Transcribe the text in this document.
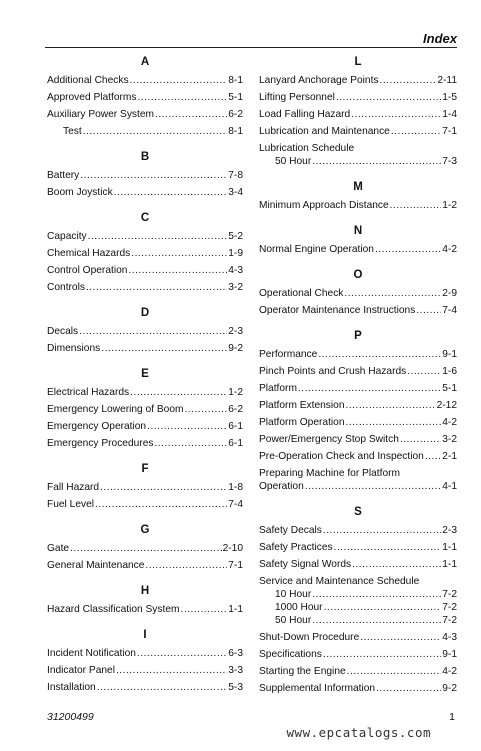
Index
A
Additional Checks .....	8-1
Approved Platforms .....	5-1
Auxiliary Power System .....	6-2
Test .....	8-1
B
Battery .....	7-8
Boom Joystick .....	3-4
C
Capacity .....	5-2
Chemical Hazards .....	1-9
Control Operation .....	4-3
Controls .....	3-2
D
Decals .....	2-3
Dimensions .....	9-2
E
Electrical Hazards .....	1-2
Emergency Lowering of Boom .....	6-2
Emergency Operation .....	6-1
Emergency Procedures .....	6-1
F
Fall Hazard .....	1-8
Fuel Level .....	7-4
G
Gate .....	2-10
General Maintenance .....	7-1
H
Hazard Classification System .....	1-1
I
Incident Notification .....	6-3
Indicator Panel .....	3-3
Installation .....	5-3
L
Lanyard Anchorage Points .....	2-11
Lifting Personnel .....	1-5
Load Falling Hazard .....	1-4
Lubrication and Maintenance .....	7-1
Lubrication Schedule
50 Hour .....	7-3
M
Minimum Approach Distance .....	1-2
N
Normal Engine Operation .....	4-2
O
Operational Check .....	2-9
Operator Maintenance Instructions .....	7-4
P
Performance .....	9-1
Pinch Points and Crush Hazards .....	1-6
Platform .....	5-1
Platform Extension .....	2-12
Platform Operation .....	4-2
Power/Emergency Stop Switch .....	3-2
Pre-Operation Check and Inspection ..... 2-1
Preparing Machine for Platform
Operation .....	4-1
S
Safety Decals .....	2-3
Safety Practices .....	1-1
Safety Signal Words .....	1-1
Service and Maintenance Schedule
10 Hour .....	7-2
1000 Hour .....	7-2
50 Hour .....	7-2
Shut-Down Procedure .....	4-3
Specifications .....	9-1
Starting the Engine .....	4-2
Supplemental Information .....	9-2
31200499	1
www.epcatalogs.com
